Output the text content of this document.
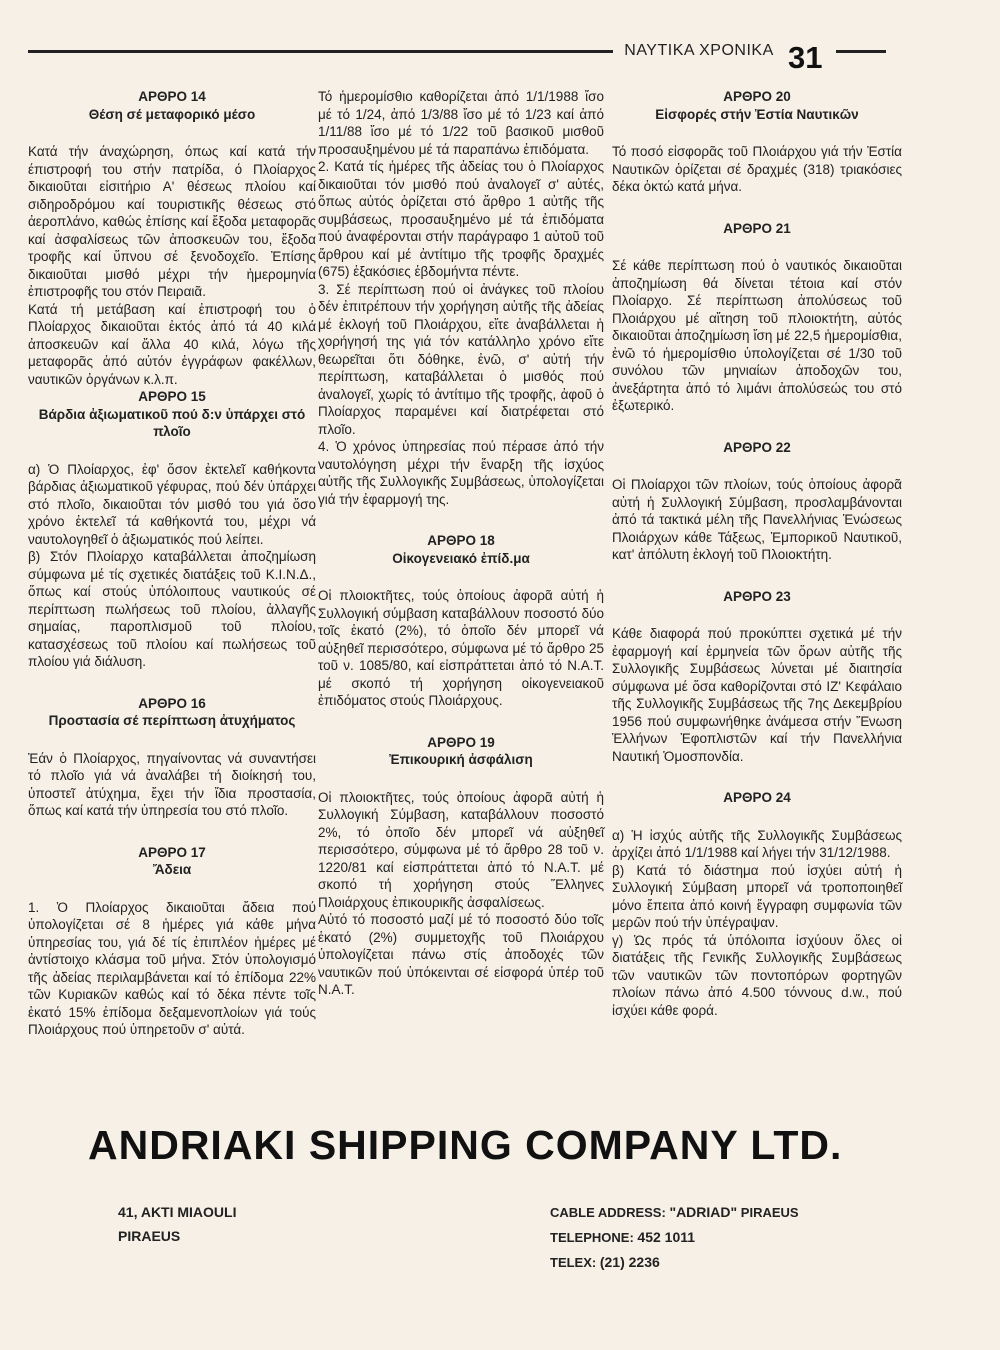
ΝΑΥΤΙΚΑ ΧΡΟΝΙΚΑ 31
ΑΡΘΡΟ 14
Θέση σέ μεταφορικό μέσο

Κατά τήν άναχώρηση, όπως καί κατά τήν έπιστροφή του στήν πατρίδα, ό Πλοίαρχος δικαιοῦται εἰσιτήριο Α' θέσεως πλοίου καί σιδηροδρόμου καί τουριστικῆς θέσεως στό ἀεροπλάνο, καθώς ἐπίσης καί ἔξοδα μεταφορᾶς καί ἀσφαλίσεως τῶν ἀποσκευῶν του, ἔξοδα τροφῆς καί ὕπνου σέ ξενοδοχεῖο. Ἐπίσης δικαιοῦται μισθό μέχρι τήν ἡμερομηνία ἐπιστροφῆς του στόν Πειραιᾶ.

Κατά τή μετάβαση καί ἐπιστροφή του ὁ Πλοίαρχος δικαιοῦται ἐκτός ἀπό τά 40 κιλά ἀποσκευῶν καί ἄλλα 40 κιλά, λόγω τῆς μεταφορᾶς ἀπό αὐτόν ἐγγράφων φακέλλων, ναυτικῶν ὀργάνων κ.λ.π.

ΑΡΘΡΟ 15
Βάρδια ἀξιωματικοῦ πού δ:ν ὑπάρχει στό πλοῖο

α) Ὁ Πλοίαρχος, ἐφ' ὅσον ἐκτελεῖ καθήκοντα βάρδιας ἀξιωματικοῦ γέφυρας, πού δέν ὑπάρχει στό πλοῖο, δικαιοῦται τόν μισθό του γιά ὅσο χρόνο ἐκτελεῖ τά καθήκοντά του, μέχρι νά ναυτολογηθεῖ ὁ ἀξιωματικός πού λείπει.

β) Στόν Πλοίαρχο καταβάλλεται ἀποζημίωση σύμφωνα μέ τίς σχετικές διατάξεις τοῦ Κ.Ι.Ν.Δ., ὅπως καί στούς ὑπόλοιπους ναυτικούς σέ περίπτωση πωλήσεως τοῦ πλοίου, ἀλλαγῆς σημαίας, παροπλισμοῦ τοῦ πλοίου, κατασχέσεως τοῦ πλοίου καί πωλήσεως τοῦ πλοίου γιά διάλυση.

ΑΡΘΡΟ 16
Προστασία σέ περίπτωση ἀτυχήματος

Ἐάν ὁ Πλοίαρχος, πηγαίνοντας νά συναντήσει τό πλοῖο γιά νά ἀναλάβει τή διοίκησή του, ὑποστεῖ ἀτύχημα, ἔχει τήν ἴδια προστασία, ὅπως καί κατά τήν ὑπηρεσία του στό πλοῖο.

ΑΡΘΡΟ 17
Ἄδεια

1. Ὁ Πλοίαρχος δικαιοῦται ἄδεια πού ὑπολογίζεται σέ 8 ἡμέρες γιά κάθε μήνα ὑπηρεσίας του, γιά δέ τίς ἐπιπλέον ἡμέρες μέ ἀντίστοιχο κλάσμα τοῦ μήνα. Στόν ὑπολογισμό τῆς ἀδείας περιλαμβάνεται καί τό ἐπίδομα 22% τῶν Κυριακῶν καθώς καί τό δέκα πέντε τοῖς ἑκατό 15% ἐπίδομα δεξαμενοπλοίων γιά τούς Πλοιάρχους πού ὑπηρετοῦν σ' αὐτά.

Τό ἡμερομίσθιο καθορίζεται ἀπό 1/1/1988 ἴσο μέ τό 1/24, ἀπό 1/3/88 ἴσο μέ τό 1/23 καί ἀπό 1/11/88 ἴσο μέ τό 1/22 τοῦ βασικοῦ μισθοῦ προσαυξημένου μέ τά παραπάνω ἐπιδόματα.

2. Κατά τίς ἡμέρες τῆς ἀδείας του ὁ Πλοίαρχος δικαιοῦται τόν μισθό πού ἀναλογεῖ σ' αὐτές, ὅπως αὐτός ὁρίζεται στό ἄρθρο 1 αὐτῆς τῆς συμβάσεως, προσαυξημένο μέ τά ἐπιδόματα πού ἀναφέρονται στήν παράγραφο 1 αὐτοῦ τοῦ ἄρθρου καί μέ ἀντίτιμο τῆς τροφῆς δραχμές (675) ἑξακόσιες ἑβδομήντα πέντε.

3. Σέ περίπτωση πού οἱ ἀνάγκες τοῦ πλοίου δέν ἐπιτρέπουν τήν χορήγηση αὐτῆς τῆς ἀδείας μέ ἐκλογή τοῦ Πλοιάρχου, εἴτε ἀναβάλλεται ἡ χορήγησή της γιά τόν κατάλληλο χρόνο εἴτε θεωρεῖται ὅτι δόθηκε, ἐνῶ, σ' αὐτή τήν περίπτωση, καταβάλλεται ὁ μισθός πού ἀναλογεῖ, χωρίς τό ἀντίτιμο τῆς τροφῆς, ἀφοῦ ὁ Πλοίαρχος παραμένει καί διατρέφεται στό πλοῖο.

4. Ὁ χρόνος ὑπηρεσίας πού πέρασε ἀπό τήν ναυτολόγηση μέχρι τήν ἔναρξη τῆς ἰσχύος αὐτῆς τῆς Συλλογικῆς Συμβάσεως, ὑπολογίζεται γιά τήν ἐφαρμογή της.

ΑΡΘΡΟ 18
Οἰκογενειακό ἐπίδ.μα

Οἱ πλοιοκτῆτες, τούς ὁποίους ἀφορᾶ αὐτή ἡ Συλλογική σύμβαση καταβάλλουν ποσοστό δύο τοῖς ἑκατό (2%), τό ὁποῖο δέν μπορεῖ νά αὐξηθεῖ περισσότερο, σύμφωνα μέ τό ἄρθρο 25 τοῦ ν. 1085/80, καί εἰσπράττεται ἀπό τό Ν.Α.Τ. μέ σκοπό τή χορήγηση οἰκογενειακοῦ ἐπιδόματος στούς Πλοιάρχους.

ΑΡΘΡΟ 19
Ἐπικουρική ἀσφάλιση

Οἱ πλοιοκτῆτες, τούς ὁποίους ἀφορᾶ αὐτή ἡ Συλλογική Σύμβαση, καταβάλλουν ποσοστό 2%, τό ὁποῖο δέν μπορεῖ νά αὐξηθεῖ περισσότερο, σύμφωνα μέ τό ἄρθρο 28 τοῦ ν. 1220/81 καί εἰσπράττεται ἀπό τό Ν.Α.Τ. μέ σκοπό τή χορήγηση στούς Ἕλληνες Πλοιάρχους ἐπικουρικῆς ἀσφαλίσεως.

Αὐτό τό ποσοστό μαζί μέ τό ποσοστό δύο τοῖς ἑκατό (2%) συμμετοχῆς τοῦ Πλοιάρχου ὑπολογίζεται πάνω στίς ἀποδοχές τῶν ναυτικῶν πού ὑπόκεινται σέ εἰσφορά ὑπέρ τοῦ Ν.Α.Τ.

ΑΡΘΡΟ 20
Εἰσφορές στήν Ἑστία Ναυτικῶν

Τό ποσό εἰσφορᾶς τοῦ Πλοιάρχου γιά τήν Ἑστία Ναυτικῶν ὁρίζεται σέ δραχμές (318) τριακόσιες δέκα ὀκτώ κατά μήνα.

ΑΡΘΡΟ 21

Σέ κάθε περίπτωση πού ὁ ναυτικός δικαιοῦται ἀποζημίωση θά δίνεται τέτοια καί στόν Πλοίαρχο. Σέ περίπτωση ἀπολύσεως τοῦ Πλοιάρχου μέ αἴτηση τοῦ πλοιοκτήτη, αὐτός δικαιοῦται ἀποζημίωση ἴση μέ 22,5 ἡμερομίσθια, ἐνῶ τό ἡμερομίσθιο ὑπολογίζεται σέ 1/30 τοῦ συνόλου τῶν μηνιαίων ἀποδοχῶν του, ἀνεξάρτητα ἀπό τό λιμάνι ἀπολύσεώς του στό ἐξωτερικό.

ΑΡΘΡΟ 22

Οἱ Πλοίαρχοι τῶν πλοίων, τούς ὁποίους ἀφορᾶ αὐτή ἡ Συλλογική Σύμβαση, προσλαμβάνονται ἀπό τά τακτικά μέλη τῆς Πανελλήνιας Ἑνώσεως Πλοιάρχων κάθε Τάξεως, Ἐμπορικοῦ Ναυτικοῦ, κατ' ἀπόλυτη ἐκλογή τοῦ Πλοιοκτήτη.

ΑΡΘΡΟ 23

Κάθε διαφορά πού προκύπτει σχετικά μέ τήν ἐφαρμογή καί ἑρμηνεία τῶν ὅρων αὐτῆς τῆς Συλλογικῆς Συμβάσεως λύνεται μέ διαιτησία σύμφωνα μέ ὅσα καθορίζονται στό ΙΖ' Κεφάλαιο τῆς Συλλογικῆς Συμβάσεως τῆς 7ης Δεκεμβρίου 1956 πού συμφωνήθηκε ἀνάμεσα στήν Ἕνωση Ἑλλήνων Ἐφοπλιστῶν καί τήν Πανελλήνια Ναυτική Ὁμοσπονδία.

ΑΡΘΡΟ 24

α) Ἡ ἰσχύς αὐτῆς τῆς Συλλογικῆς Συμβάσεως ἀρχίζει ἀπό 1/1/1988 καί λήγει τήν 31/12/1988.

β) Κατά τό διάστημα πού ἰσχύει αὐτή ἡ Συλλογική Σύμβαση μπορεῖ νά τροποποιηθεῖ μόνο ἔπειτα ἀπό κοινή ἔγγραφη συμφωνία τῶν μερῶν πού τήν ὑπέγραψαν.

γ) Ὡς πρός τά ὑπόλοιπα ἰσχύουν ὅλες οἱ διατάξεις τῆς Γενικῆς Συλλογικῆς Συμβάσεως τῶν ναυτικῶν τῶν ποντοπόρων φορτηγῶν πλοίων πάνω ἀπό 4.500 τόννους d.w., πού ἰσχύει κάθε φορά.

ANDRIAKI SHIPPING COMPANY LTD.
41, AKTI MIAOULI
PIRAEUS
CABLE ADDRESS: "ADRIAD" PIRAEUS
TELEPHONE: 452 1011
TELEX: (21) 2236
